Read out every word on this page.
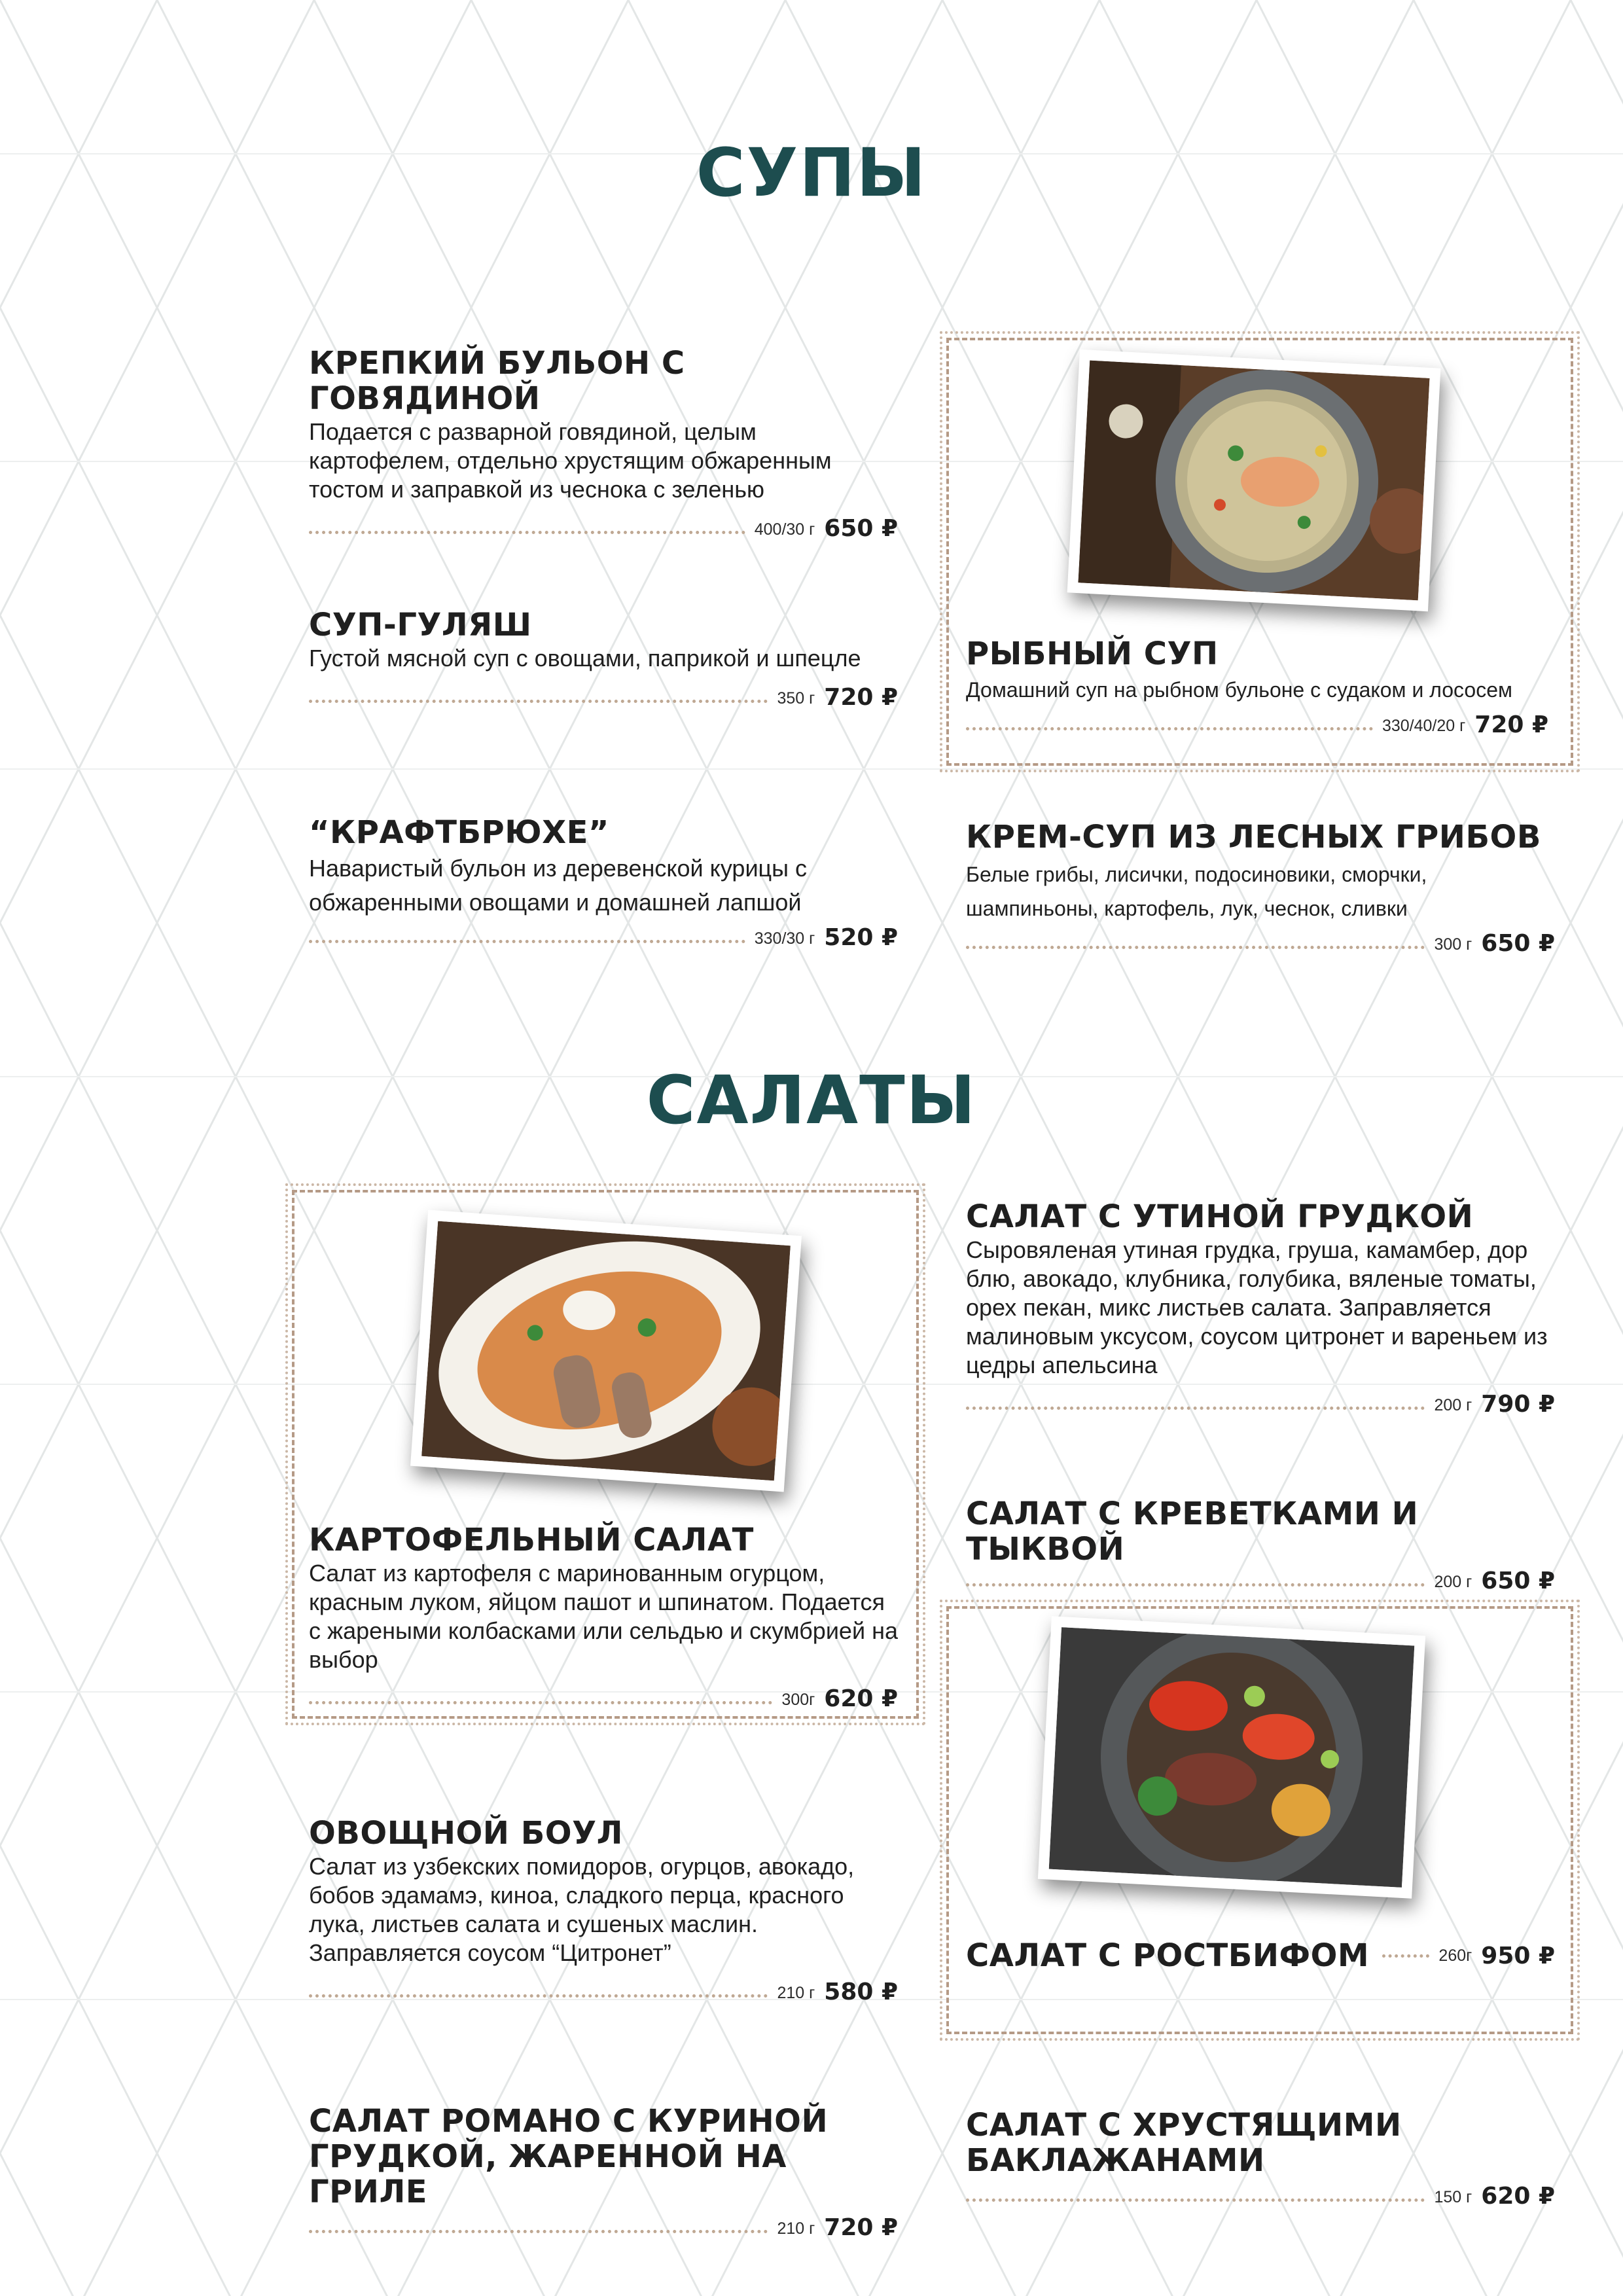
СУПЫ
КРЕПКИЙ БУЛЬОН С ГОВЯДИНОЙ
Подается с разварной говядиной, целым картофелем, отдельно хрустящим обжаренным тостом и заправкой из чеснока с зеленью
400/30 г 650 ₽
РЫБНЫЙ СУП
Домашний суп на рыбном бульоне с судаком и лососем
330/40/20 г 720 ₽
СУП-ГУЛЯШ
Густой мясной суп с овощами, паприкой и шпецле
350 г 720 ₽
“КРАФТБРЮХЕ”
Наваристый бульон из деревенской курицы с обжаренными овощами и домашней лапшой
330/30 г 520 ₽
КРЕМ-СУП ИЗ ЛЕСНЫХ ГРИБОВ
Белые грибы, лисички, подосиновики, сморчки, шампиньоны, картофель, лук, чеснок, сливки
300 г 650 ₽
САЛАТЫ
КАРТОФЕЛЬНЫЙ САЛАТ
Салат из картофеля с маринованным огурцом, красным луком, яйцом пашот и шпинатом. Подается с жареными колбасками или сельдью и скумбрией на выбор
300г 620 ₽
САЛАТ С УТИНОЙ ГРУДКОЙ
Сыровяленая утиная грудка, груша, камамбер, дор блю, авокадо, клубника, голубика, вяленые томаты, орех пекан, микс листьев салата. Заправляется малиновым уксусом, соусом цитронет и вареньем из цедры апельсина
200 г 790 ₽
САЛАТ С КРЕВЕТКАМИ И ТЫКВОЙ
200 г 650 ₽
САЛАТ С РОСТБИФОМ	260г 950 ₽
ОВОЩНОЙ БОУЛ
Салат из узбекских помидоров, огурцов, авокадо, бобов эдамамэ, киноа, сладкого перца, красного лука, листьев салата и сушеных маслин. Заправляется соусом “Цитронет”
210 г 580 ₽
САЛАТ РОМАНО С КУРИНОЙ ГРУДКОЙ, ЖАРЕННОЙ НА ГРИЛЕ
210 г 720 ₽
САЛАТ С ХРУСТЯЩИМИ БАКЛАЖАНАМИ
150 г 620 ₽
